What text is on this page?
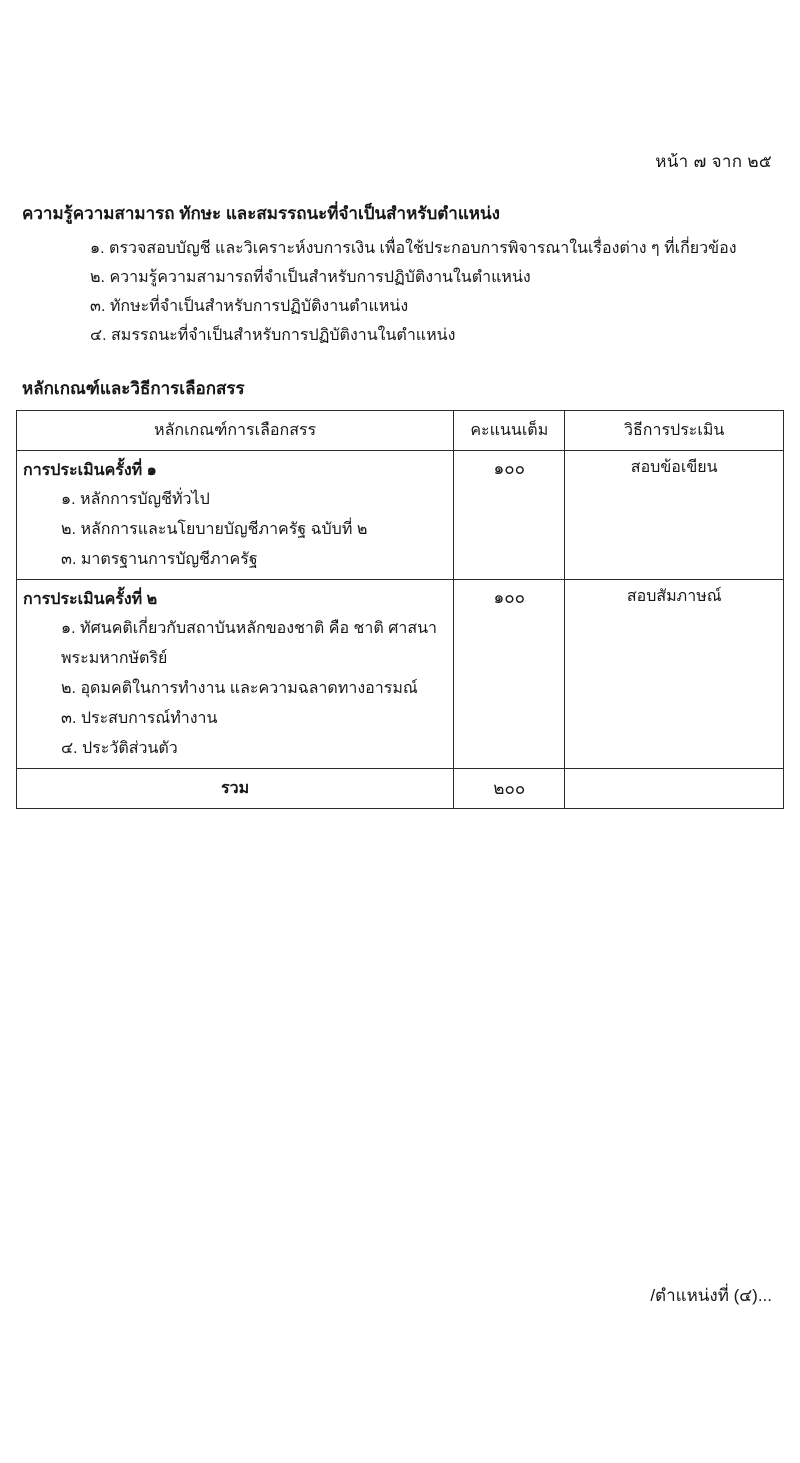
หน้า ๗ จาก ๒๕
ความรู้ความสามารถ ทักษะ และสมรรถนะที่จำเป็นสำหรับตำแหน่ง
๑. ตรวจสอบบัญชี และวิเคราะห์งบการเงิน เพื่อใช้ประกอบการพิจารณาในเรื่องต่าง ๆ ที่เกี่ยวข้อง
๒. ความรู้ความสามารถที่จำเป็นสำหรับการปฏิบัติงานในตำแหน่ง
๓. ทักษะที่จำเป็นสำหรับการปฏิบัติงานตำแหน่ง
๔. สมรรถนะที่จำเป็นสำหรับการปฏิบัติงานในตำแหน่ง
หลักเกณฑ์และวิธีการเลือกสรร
หลักเกณฑ์การเลือกสรร	คะแนนเต็ม	วิธีการประเมิน

การประเมินครั้งที่ ๑
๑. หลักการบัญชีทั่วไป
๒. หลักการและนโยบายบัญชีภาครัฐ ฉบับที่ ๒
๓. มาตรฐานการบัญชีภาครัฐ
	๑๐๐	สอบข้อเขียน

การประเมินครั้งที่ ๒
๑. ทัศนคติเกี่ยวกับสถาบันหลักของชาติ คือ ชาติ ศาสนา พระมหากษัตริย์
๒. อุดมคติในการทำงาน และความฉลาดทางอารมณ์
๓. ประสบการณ์ทำงาน
๔. ประวัติส่วนตัว
	๑๐๐	สอบสัมภาษณ์
รวม	๒๐๐	
/ตำแหน่งที่ (๔)...
